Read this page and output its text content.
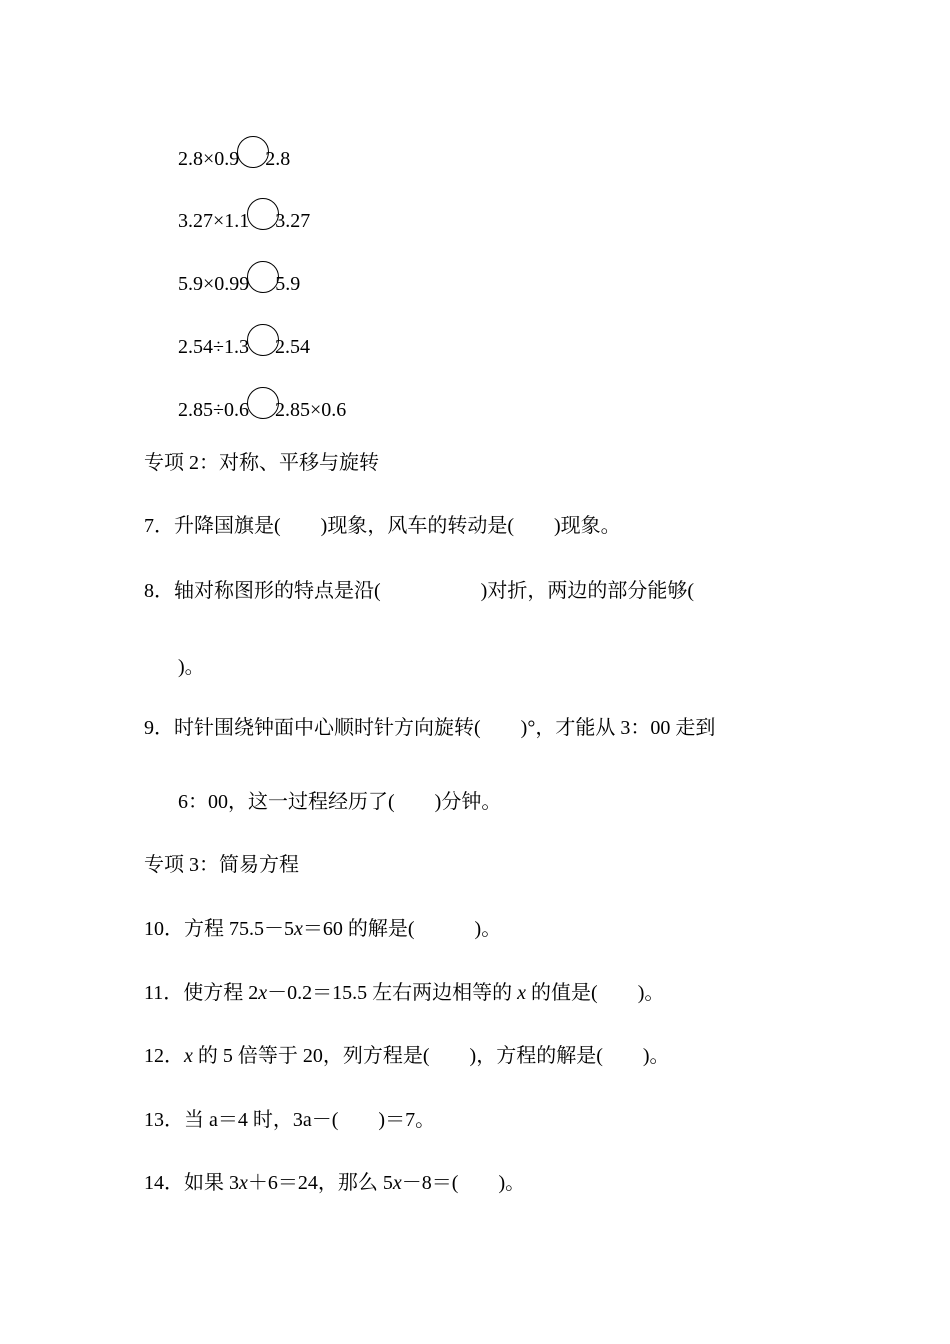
2.8×0.9 2.8
3.27×1.1 3.27
5.9×0.99 5.9
2.54÷1.3 2.54
2.85÷0.6 2.85×0.6
专项 2：对称、平移与旋转
7．升降国旗是(　　)现象，风车的转动是(　　)现象。
8．轴对称图形的特点是沿(　　　　　)对折，两边的部分能够(
)。
9．时针围绕钟面中心顺时针方向旋转(　　)°，才能从 3：00 走到
6：00，这一过程经历了(　　)分钟。
专项 3：简易方程
10．方程 75.5－5x＝60 的解是(　　　)。
11．使方程 2x－0.2＝15.5 左右两边相等的 x 的值是(　　)。
12．x 的 5 倍等于 20，列方程是(　　)，方程的解是(　　)。
13．当 a＝4 时，3a－(　　)＝7。
14．如果 3x＋6＝24，那么 5x－8＝(　　)。
